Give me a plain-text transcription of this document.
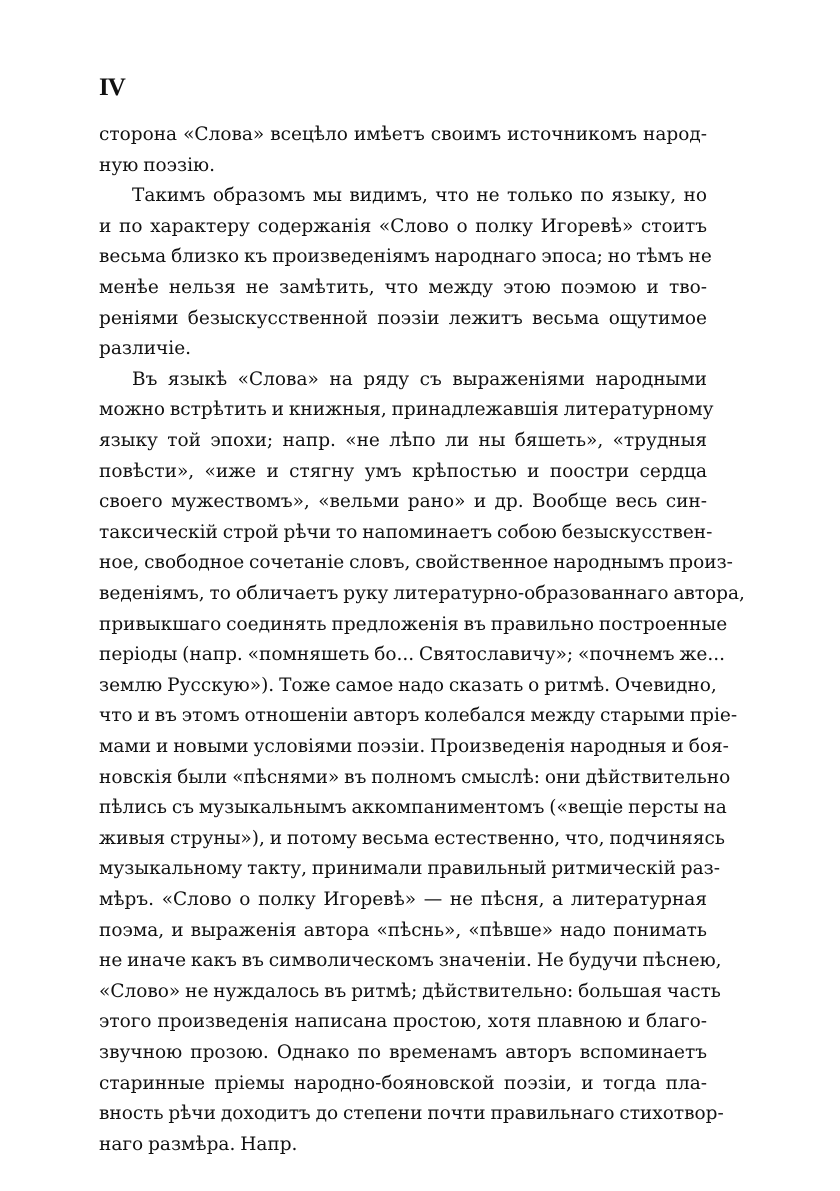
IV
сторона «Слова» всецѣло имѣетъ своимъ источникомъ народ-
ную поэзію.
Такимъ образомъ мы видимъ, что не только по языку, но
и по характеру содержанія «Слово о полку Игоревѣ» стоитъ
весьма близко къ произведеніямъ народнаго эпоса; но тѣмъ не
менѣе нельзя не замѣтить, что между этою поэмою и тво-
реніями безыскусственной поэзіи лежитъ весьма ощутимое
различіе.
Въ языкѣ «Слова» на ряду съ выраженіями народными
можно встрѣтить и книжныя, принадлежавшія литературному
языку той эпохи; напр. «не лѣпо ли ны бяшеть», «трудныя
повѣсти», «иже и стягну умъ крѣпостью и поостри сердца
своего мужествомъ», «вельми рано» и др. Вообще весь син-
таксическій строй рѣчи то напоминаетъ собою безыскусствен-
ное, свободное сочетаніе словъ, свойственное народнымъ произ-
веденіямъ, то обличаетъ руку литературно-образованнаго автора,
привыкшаго соединять предложенія въ правильно построенные
періоды (напр. «помняшеть бо... Святославичу»; «почнемъ же...
землю Русскую»). Тоже самое надо сказать о ритмѣ. Очевидно,
что и въ этомъ отношеніи авторъ колебался между старыми пріе-
мами и новыми условіями поэзіи. Произведенія народныя и боя-
новскія были «пѣснями» въ полномъ смыслѣ: они дѣйствительно
пѣлись съ музыкальнымъ аккомпаниментомъ («вещіе персты на
живыя струны»), и потому весьма естественно, что, подчиняясь
музыкальному такту, принимали правильный ритмическій раз-
мѣръ. «Слово о полку Игоревѣ» — не пѣсня, а литературная
поэма, и выраженія автора «пѣснь», «пѣвше» надо понимать
не иначе какъ въ символическомъ значеніи. Не будучи пѣснею,
«Слово» не нуждалось въ ритмѣ; дѣйствительно: большая часть
этого произведенія написана простою, хотя плавною и благо-
звучною прозою. Однако по временамъ авторъ вспоминаетъ
старинные пріемы народно-бояновской поэзіи, и тогда пла-
вность рѣчи доходитъ до степени почти правильнаго стихотвор-
наго размѣра. Напр.
